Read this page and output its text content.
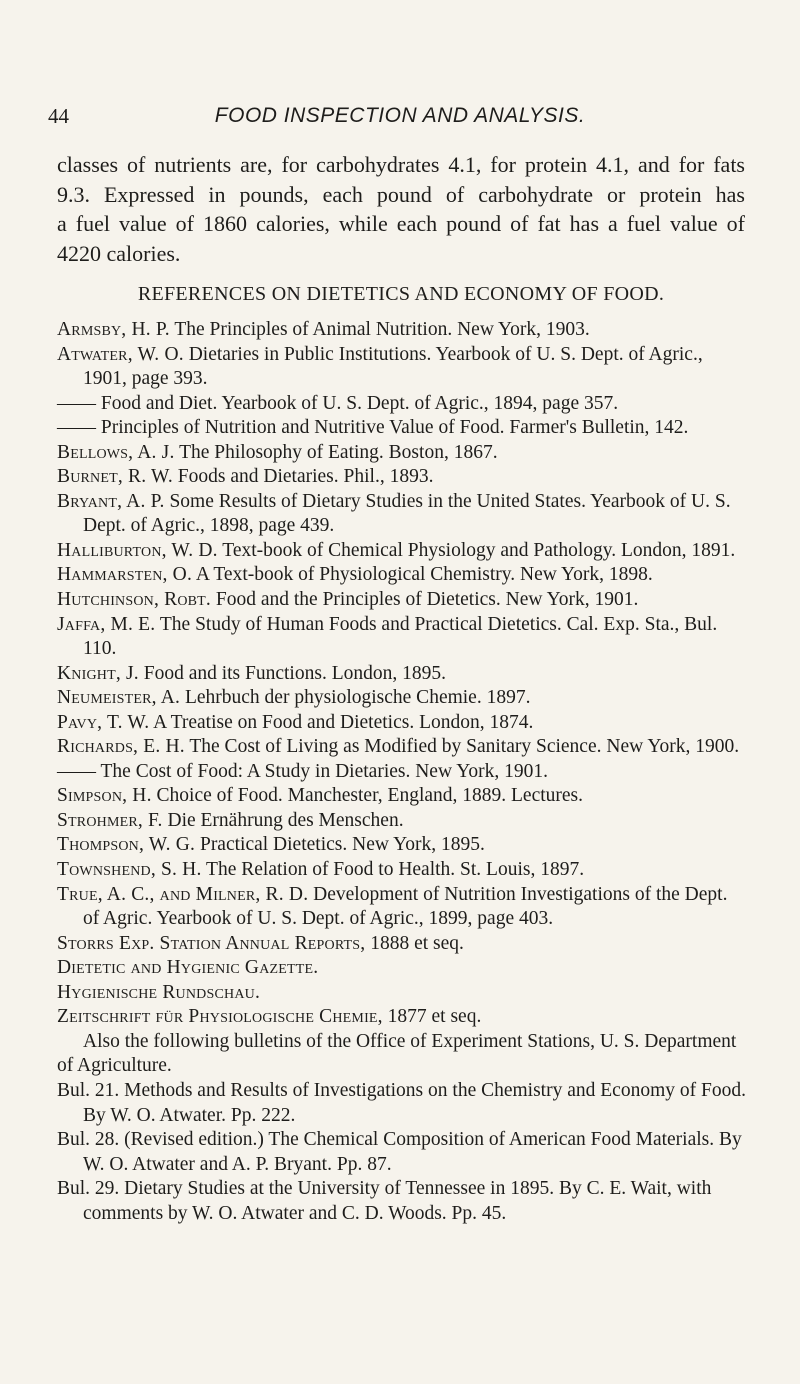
44	FOOD INSPECTION AND ANALYSIS.
classes of nutrients are, for carbohydrates 4.1, for protein 4.1, and for fats
9.3. Expressed in pounds, each pound of carbohydrate or protein has
a fuel value of 1860 calories, while each pound of fat has a fuel value of
4220 calories.
REFERENCES ON DIETETICS AND ECONOMY OF FOOD.
Armsby, H. P. The Principles of Animal Nutrition. New York, 1903.
Atwater, W. O. Dietaries in Public Institutions. Yearbook of U. S. Dept. of Agric., 1901, page 393.
—— Food and Diet. Yearbook of U. S. Dept. of Agric., 1894, page 357.
—— Principles of Nutrition and Nutritive Value of Food. Farmer's Bulletin, 142.
Bellows, A. J. The Philosophy of Eating. Boston, 1867.
Burnet, R. W. Foods and Dietaries. Phil., 1893.
Bryant, A. P. Some Results of Dietary Studies in the United States. Yearbook of U. S. Dept. of Agric., 1898, page 439.
Halliburton, W. D. Text-book of Chemical Physiology and Pathology. London, 1891.
Hammarsten, O. A Text-book of Physiological Chemistry. New York, 1898.
Hutchinson, Robt. Food and the Principles of Dietetics. New York, 1901.
Jaffa, M. E. The Study of Human Foods and Practical Dietetics. Cal. Exp. Sta., Bul. 110.
Knight, J. Food and its Functions. London, 1895.
Neumeister, A. Lehrbuch der physiologische Chemie. 1897.
Pavy, T. W. A Treatise on Food and Dietetics. London, 1874.
Richards, E. H. The Cost of Living as Modified by Sanitary Science. New York, 1900.
—— The Cost of Food: A Study in Dietaries. New York, 1901.
Simpson, H. Choice of Food. Manchester, England, 1889. Lectures.
Strohmer, F. Die Ernährung des Menschen.
Thompson, W. G. Practical Dietetics. New York, 1895.
Townshend, S. H. The Relation of Food to Health. St. Louis, 1897.
True, A. C., and Milner, R. D. Development of Nutrition Investigations of the Dept. of Agric. Yearbook of U. S. Dept. of Agric., 1899, page 403.
Storrs Exp. Station Annual Reports, 1888 et seq.
Dietetic and Hygienic Gazette.
Hygienische Rundschau.
Zeitschrift für Physiologische Chemie, 1877 et seq.
Also the following bulletins of the Office of Experiment Stations, U. S. Department of Agriculture.
Bul. 21. Methods and Results of Investigations on the Chemistry and Economy of Food. By W. O. Atwater. Pp. 222.
Bul. 28. (Revised edition.) The Chemical Composition of American Food Materials. By W. O. Atwater and A. P. Bryant. Pp. 87.
Bul. 29. Dietary Studies at the University of Tennessee in 1895. By C. E. Wait, with comments by W. O. Atwater and C. D. Woods. Pp. 45.
